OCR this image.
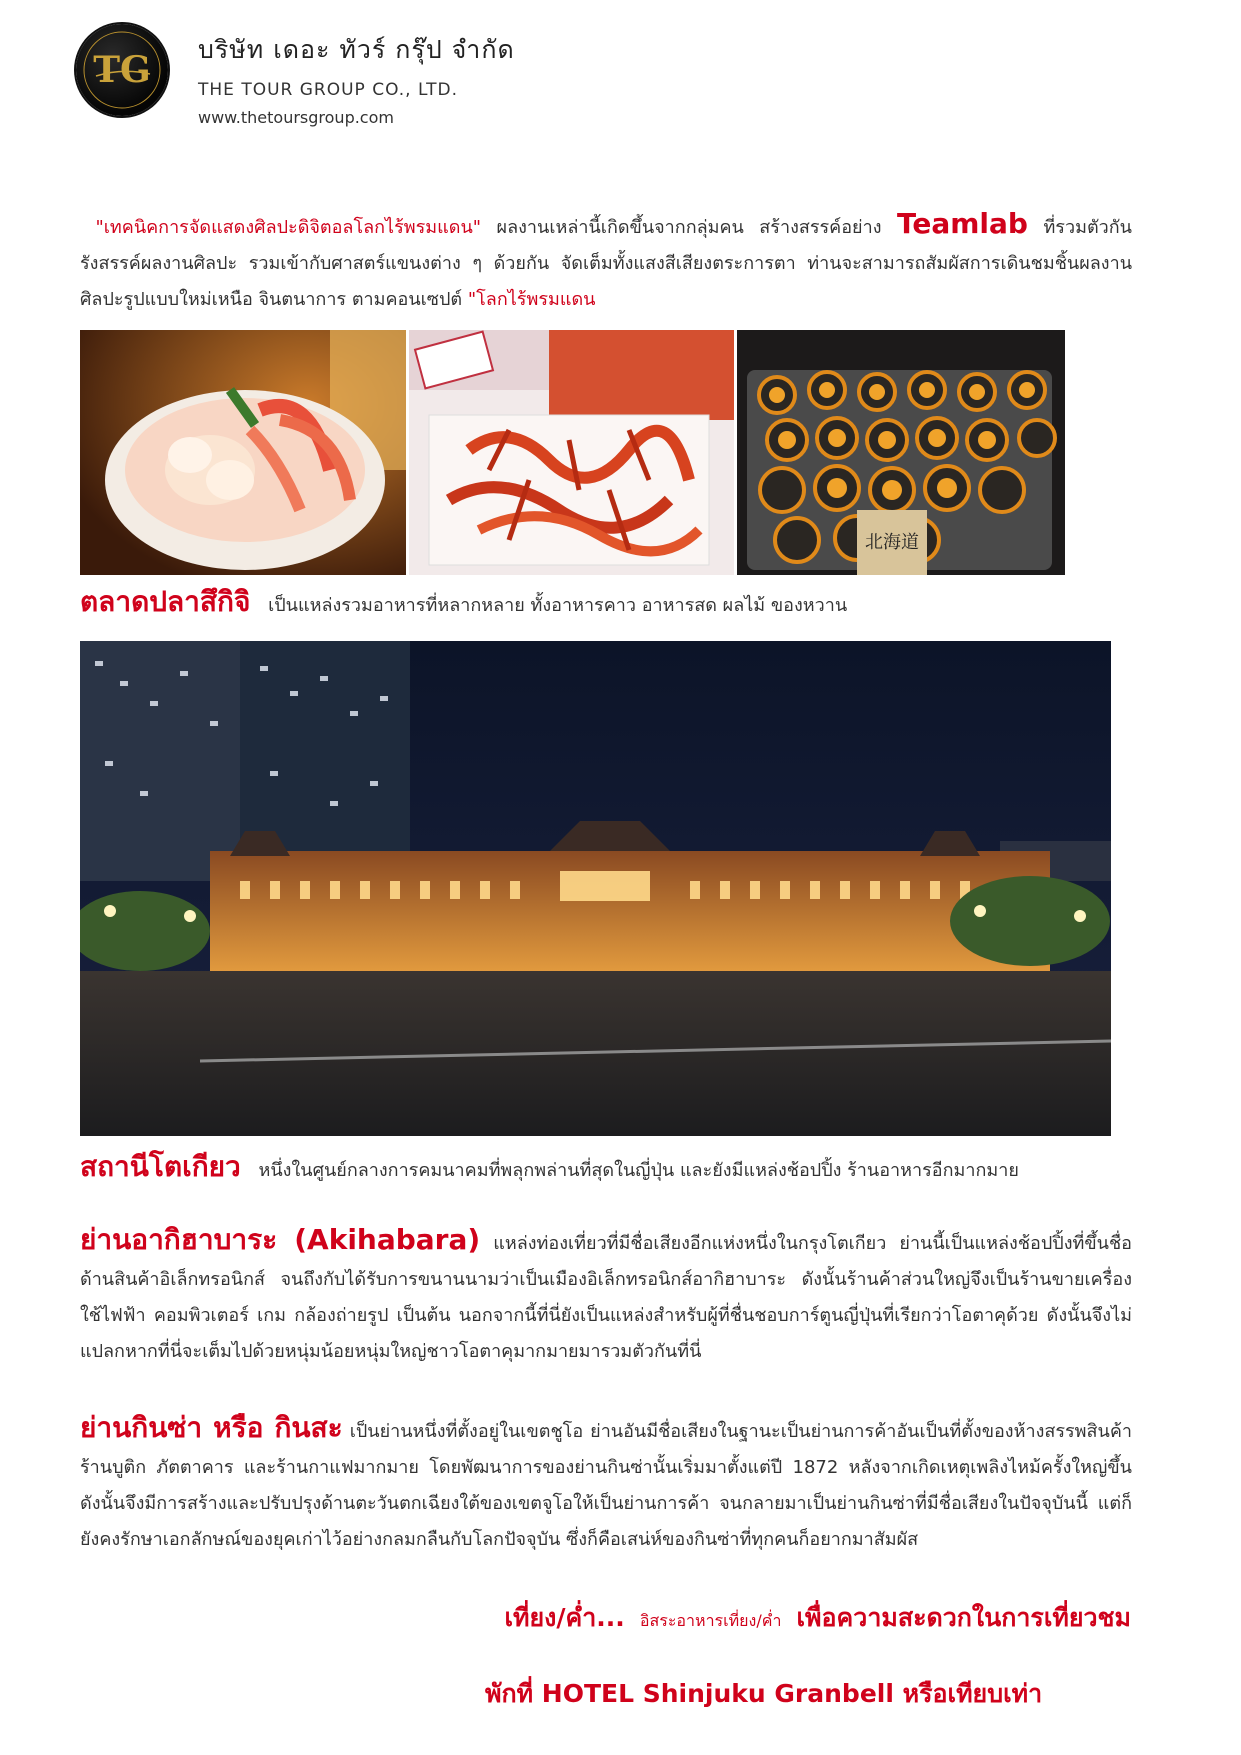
TG บริษัท เดอะ ทัวร์ กรุ๊ป จำกัด
THE TOUR GROUP CO., LTD.
www.thetoursgroup.com
"เทคนิคการจัดแสดงศิลปะดิจิตอลโลกไร้พรมแดน" ผลงานเหล่านี้เกิดขึ้นจากกลุ่มคน สร้างสรรค์อย่าง Teamlab ที่รวมตัวกันรังสรรค์ผลงานศิลปะ รวมเข้ากับศาสตร์แขนงต่าง ๆ ด้วยกัน จัดเต็มทั้งแสงสีเสียงตระการตา ท่านจะสามารถสัมผัสการเดินชมชิ้นผลงานศิลปะรูปแบบใหม่เหนือ จินตนาการ ตามคอนเซปต์ "โลกไร้พรมแดน
北海道
ตลาดปลาสึกิจิ เป็นแหล่งรวมอาหารที่หลากหลาย ทั้งอาหารคาว อาหารสด ผลไม้ ของหวาน
สถานีโตเกียว หนึ่งในศูนย์กลางการคมนาคมที่พลุกพล่านที่สุดในญี่ปุ่น และยังมีแหล่งช้อปปิ้ง ร้านอาหารอีกมากมาย
ย่านอากิฮาบาระ (Akihabara) แหล่งท่องเที่ยวที่มีชื่อเสียงอีกแห่งหนึ่งในกรุงโตเกียว ย่านนี้เป็นแหล่งช้อปปิ้งที่ขึ้นชื่อด้านสินค้าอิเล็กทรอนิกส์ จนถึงกับได้รับการขนานนามว่าเป็นเมืองอิเล็กทรอนิกส์อากิฮาบาระ ดังนั้นร้านค้าส่วนใหญ่จึงเป็นร้านขายเครื่องใช้ไฟฟ้า คอมพิวเตอร์ เกม กล้องถ่ายรูป เป็นต้น นอกจากนี้ที่นี่ยังเป็นแหล่งสำหรับผู้ที่ชื่นชอบการ์ตูนญี่ปุ่นที่เรียกว่าโอตาคุด้วย ดังนั้นจึงไม่แปลกหากที่นี่จะเต็มไปด้วยหนุ่มน้อยหนุ่มใหญ่ชาวโอตาคุมากมายมารวมตัวกันที่นี่
ย่านกินซ่า หรือ กินสะ เป็นย่านหนึ่งที่ตั้งอยู่ในเขตชูโอ ย่านอันมีชื่อเสียงในฐานะเป็นย่านการค้าอันเป็นที่ตั้งของห้างสรรพสินค้า ร้านบูติก ภัตตาคาร และร้านกาแฟมากมาย โดยพัฒนาการของย่านกินซ่านั้นเริ่มมาตั้งแต่ปี 1872 หลังจากเกิดเหตุเพลิงไหม้ครั้งใหญ่ขึ้น ดังนั้นจึงมีการสร้างและปรับปรุงด้านตะวันตกเฉียงใต้ของเขตจูโอให้เป็นย่านการค้า จนกลายมาเป็นย่านกินซ่าที่มีชื่อเสียงในปัจจุบันนี้ แต่ก็ยังคงรักษาเอกลักษณ์ของยุคเก่าไว้อย่างกลมกลืนกับโลกปัจจุบัน ซึ่งก็คือเสน่ห์ของกินซ่าที่ทุกคนก็อยากมาสัมผัส
เที่ยง/ค่ำ... อิสระอาหารเที่ยง/ค่ำ เพื่อความสะดวกในการเที่ยวชม
พักที่ HOTEL Shinjuku Granbell หรือเทียบเท่า
